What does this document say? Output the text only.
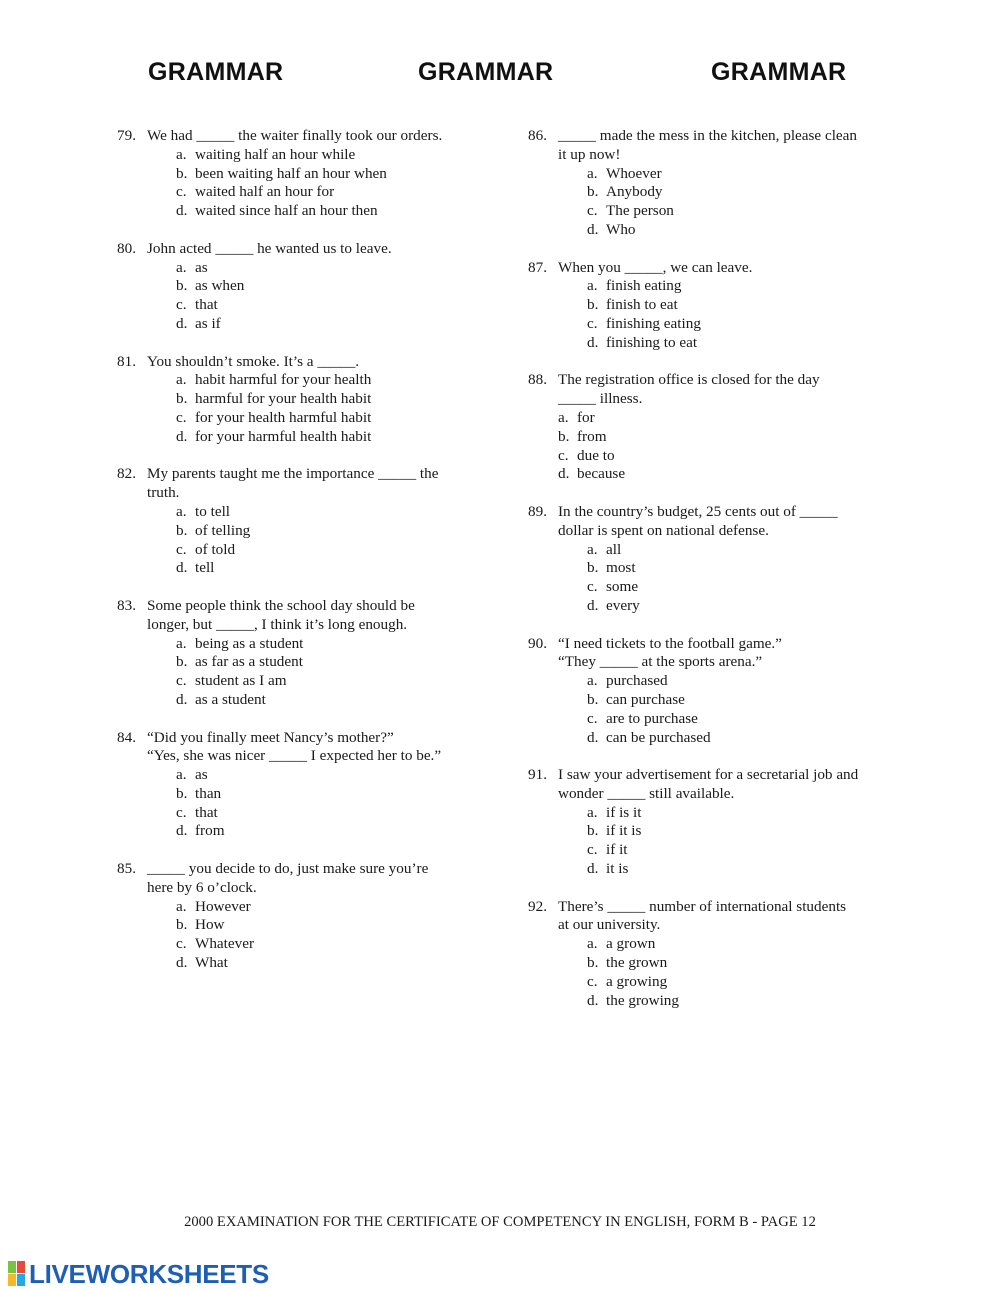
GRAMMAR	GRAMMAR	GRAMMAR
79. We had _____ the waiter finally took our orders.
a. waiting half an hour while
b. been waiting half an hour when
c. waited half an hour for
d. waited since half an hour then
80. John acted _____ he wanted us to leave.
a. as
b. as when
c. that
d. as if
81. You shouldn’t smoke. It’s a _____.
a. habit harmful for your health
b. harmful for your health habit
c. for your health harmful habit
d. for your harmful health habit
82. My parents taught me the importance _____ the
truth.
a. to tell
b. of telling
c. of told
d. tell
83. Some people think the school day should be
longer, but _____, I think it’s long enough.
a. being as a student
b. as far as a student
c. student as I am
d. as a student
84. “Did you finally meet Nancy’s mother?”
“Yes, she was nicer _____ I expected her to be.”
a. as
b. than
c. that
d. from
85. _____ you decide to do, just make sure you’re
here by 6 o’clock.
a. However
b. How
c. Whatever
d. What
86. _____ made the mess in the kitchen, please clean
it up now!
a. Whoever
b. Anybody
c. The person
d. Who
87. When you _____, we can leave.
a. finish eating
b. finish to eat
c. finishing eating
d. finishing to eat
88. The registration office is closed for the day
_____ illness.
a. for
b. from
c. due to
d. because
89. In the country’s budget, 25 cents out of _____
dollar is spent on national defense.
a. all
b. most
c. some
d. every
90. “I need tickets to the football game.”
“They _____ at the sports arena.”
a. purchased
b. can purchase
c. are to purchase
d. can be purchased
91. I saw your advertisement for a secretarial job and
wonder _____ still available.
a. if is it
b. if it is
c. if it
d. it is
92. There’s _____ number of international students
at our university.
a. a grown
b. the grown
c. a growing
d. the growing
2000 EXAMINATION FOR THE CERTIFICATE OF COMPETENCY IN ENGLISH, FORM B - PAGE 12
LIVEWORKSHEETS
